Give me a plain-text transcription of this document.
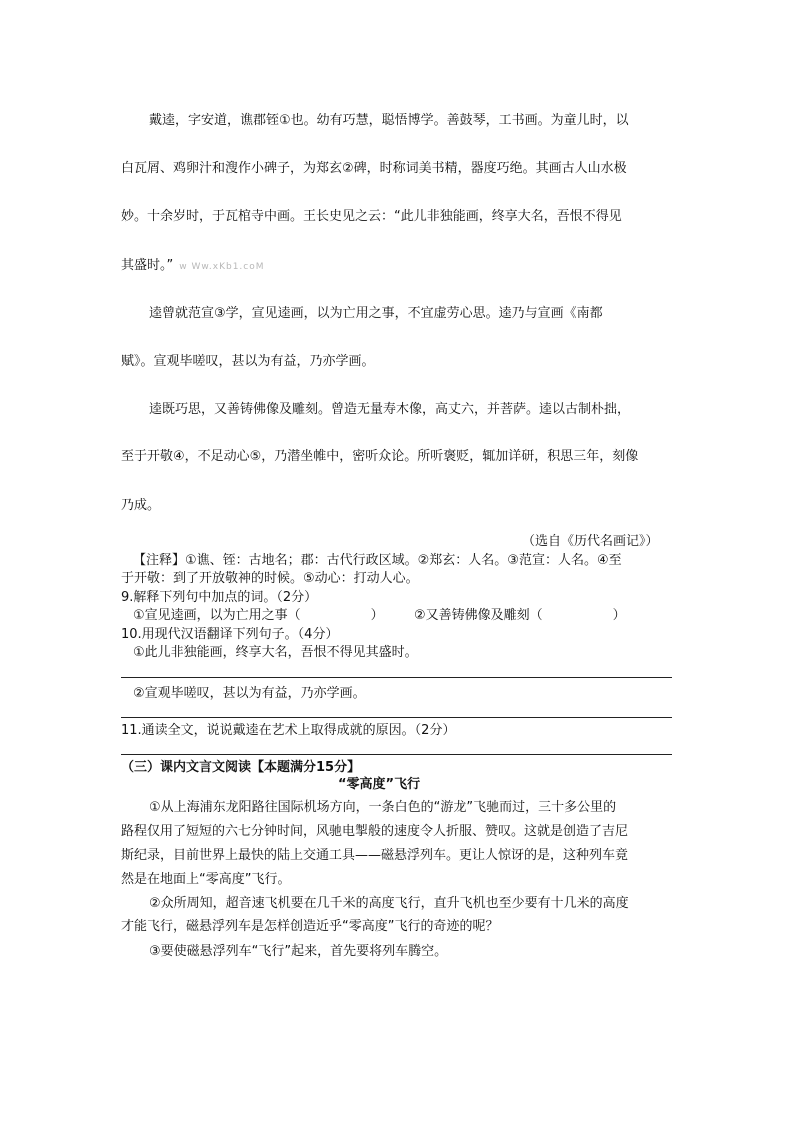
戴逵，字安道，谯郡铚①也。幼有巧慧，聪悟博学。善鼓琴，工书画。为童儿时，以
白瓦屑、鸡卵汁和溲作小碑子，为郑玄②碑，时称词美书精，器度巧绝。其画古人山水极
妙。十余岁时，于瓦棺寺中画。王长史见之云：“此儿非独能画，终享大名，吾恨不得见
其盛时。” w Ww.xKb1.coM
逵曾就范宣③学，宣见逵画，以为亡用之事，不宜虚劳心思。逵乃与宣画《南都
赋》。宣观毕嗟叹，甚以为有益，乃亦学画。
逵既巧思，又善铸佛像及雕刻。曾造无量寿木像，高丈六，并菩萨。逵以古制朴拙，
至于开敬④，不足动心⑤，乃潜坐帷中，密听众论。所听褒贬，辄加详研，积思三年，刻像
乃成。
（选自《历代名画记》）
【注释】①谯、铚：古地名；郡：古代行政区域。②郑玄：人名。③范宣：人名。④至
于开敬：到了开放敬神的时候。⑤动心：打动人心。
9.解释下列句中加点的词。（2分）
①宣见逵画，以为亡用之事（	） ②又善铸佛像及雕刻（	）
10.用现代汉语翻译下列句子。（4分）
①此儿非独能画，终享大名，吾恨不得见其盛时。
②宣观毕嗟叹，甚以为有益，乃亦学画。
11.通读全文，说说戴逵在艺术上取得成就的原因。（2分）
（三）课内文言文阅读【本题满分15分】
“零高度”飞行
①从上海浦东龙阳路往国际机场方向，一条白色的“游龙”飞驰而过，三十多公里的
路程仅用了短短的六七分钟时间，风驰电掣般的速度令人折服、赞叹。这就是创造了吉尼
斯纪录，目前世界上最快的陆上交通工具——磁悬浮列车。更让人惊讶的是，这种列车竟
然是在地面上“零高度”飞行。
②众所周知，超音速飞机要在几千米的高度飞行，直升飞机也至少要有十几米的高度
才能飞行，磁悬浮列车是怎样创造近乎“零高度”飞行的奇迹的呢？
③要使磁悬浮列车“飞行”起来，首先要将列车腾空。
